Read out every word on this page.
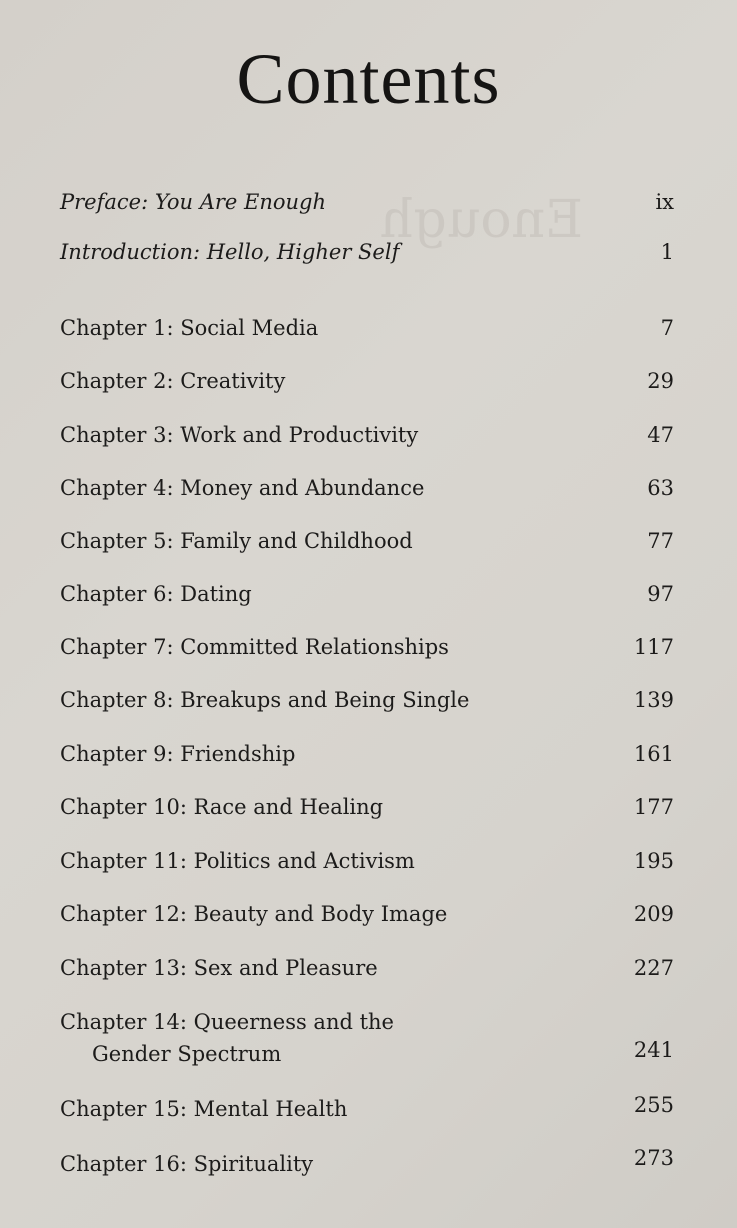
Enough
Contents
Preface: You Are Enough	ix
Introduction: Hello, Higher Self	1
Chapter 1: Social Media	7
Chapter 2: Creativity	29
Chapter 3: Work and Productivity	47
Chapter 4: Money and Abundance	63
Chapter 5: Family and Childhood	77
Chapter 6: Dating	97
Chapter 7: Committed Relationships	117
Chapter 8: Breakups and Being Single	139
Chapter 9: Friendship	161
Chapter 10: Race and Healing	177
Chapter 11: Politics and Activism	195
Chapter 12: Beauty and Body Image	209
Chapter 13: Sex and Pleasure	227
Chapter 14: Queerness and the
Gender Spectrum	241
Chapter 15: Mental Health	255
Chapter 16: Spirituality	273
